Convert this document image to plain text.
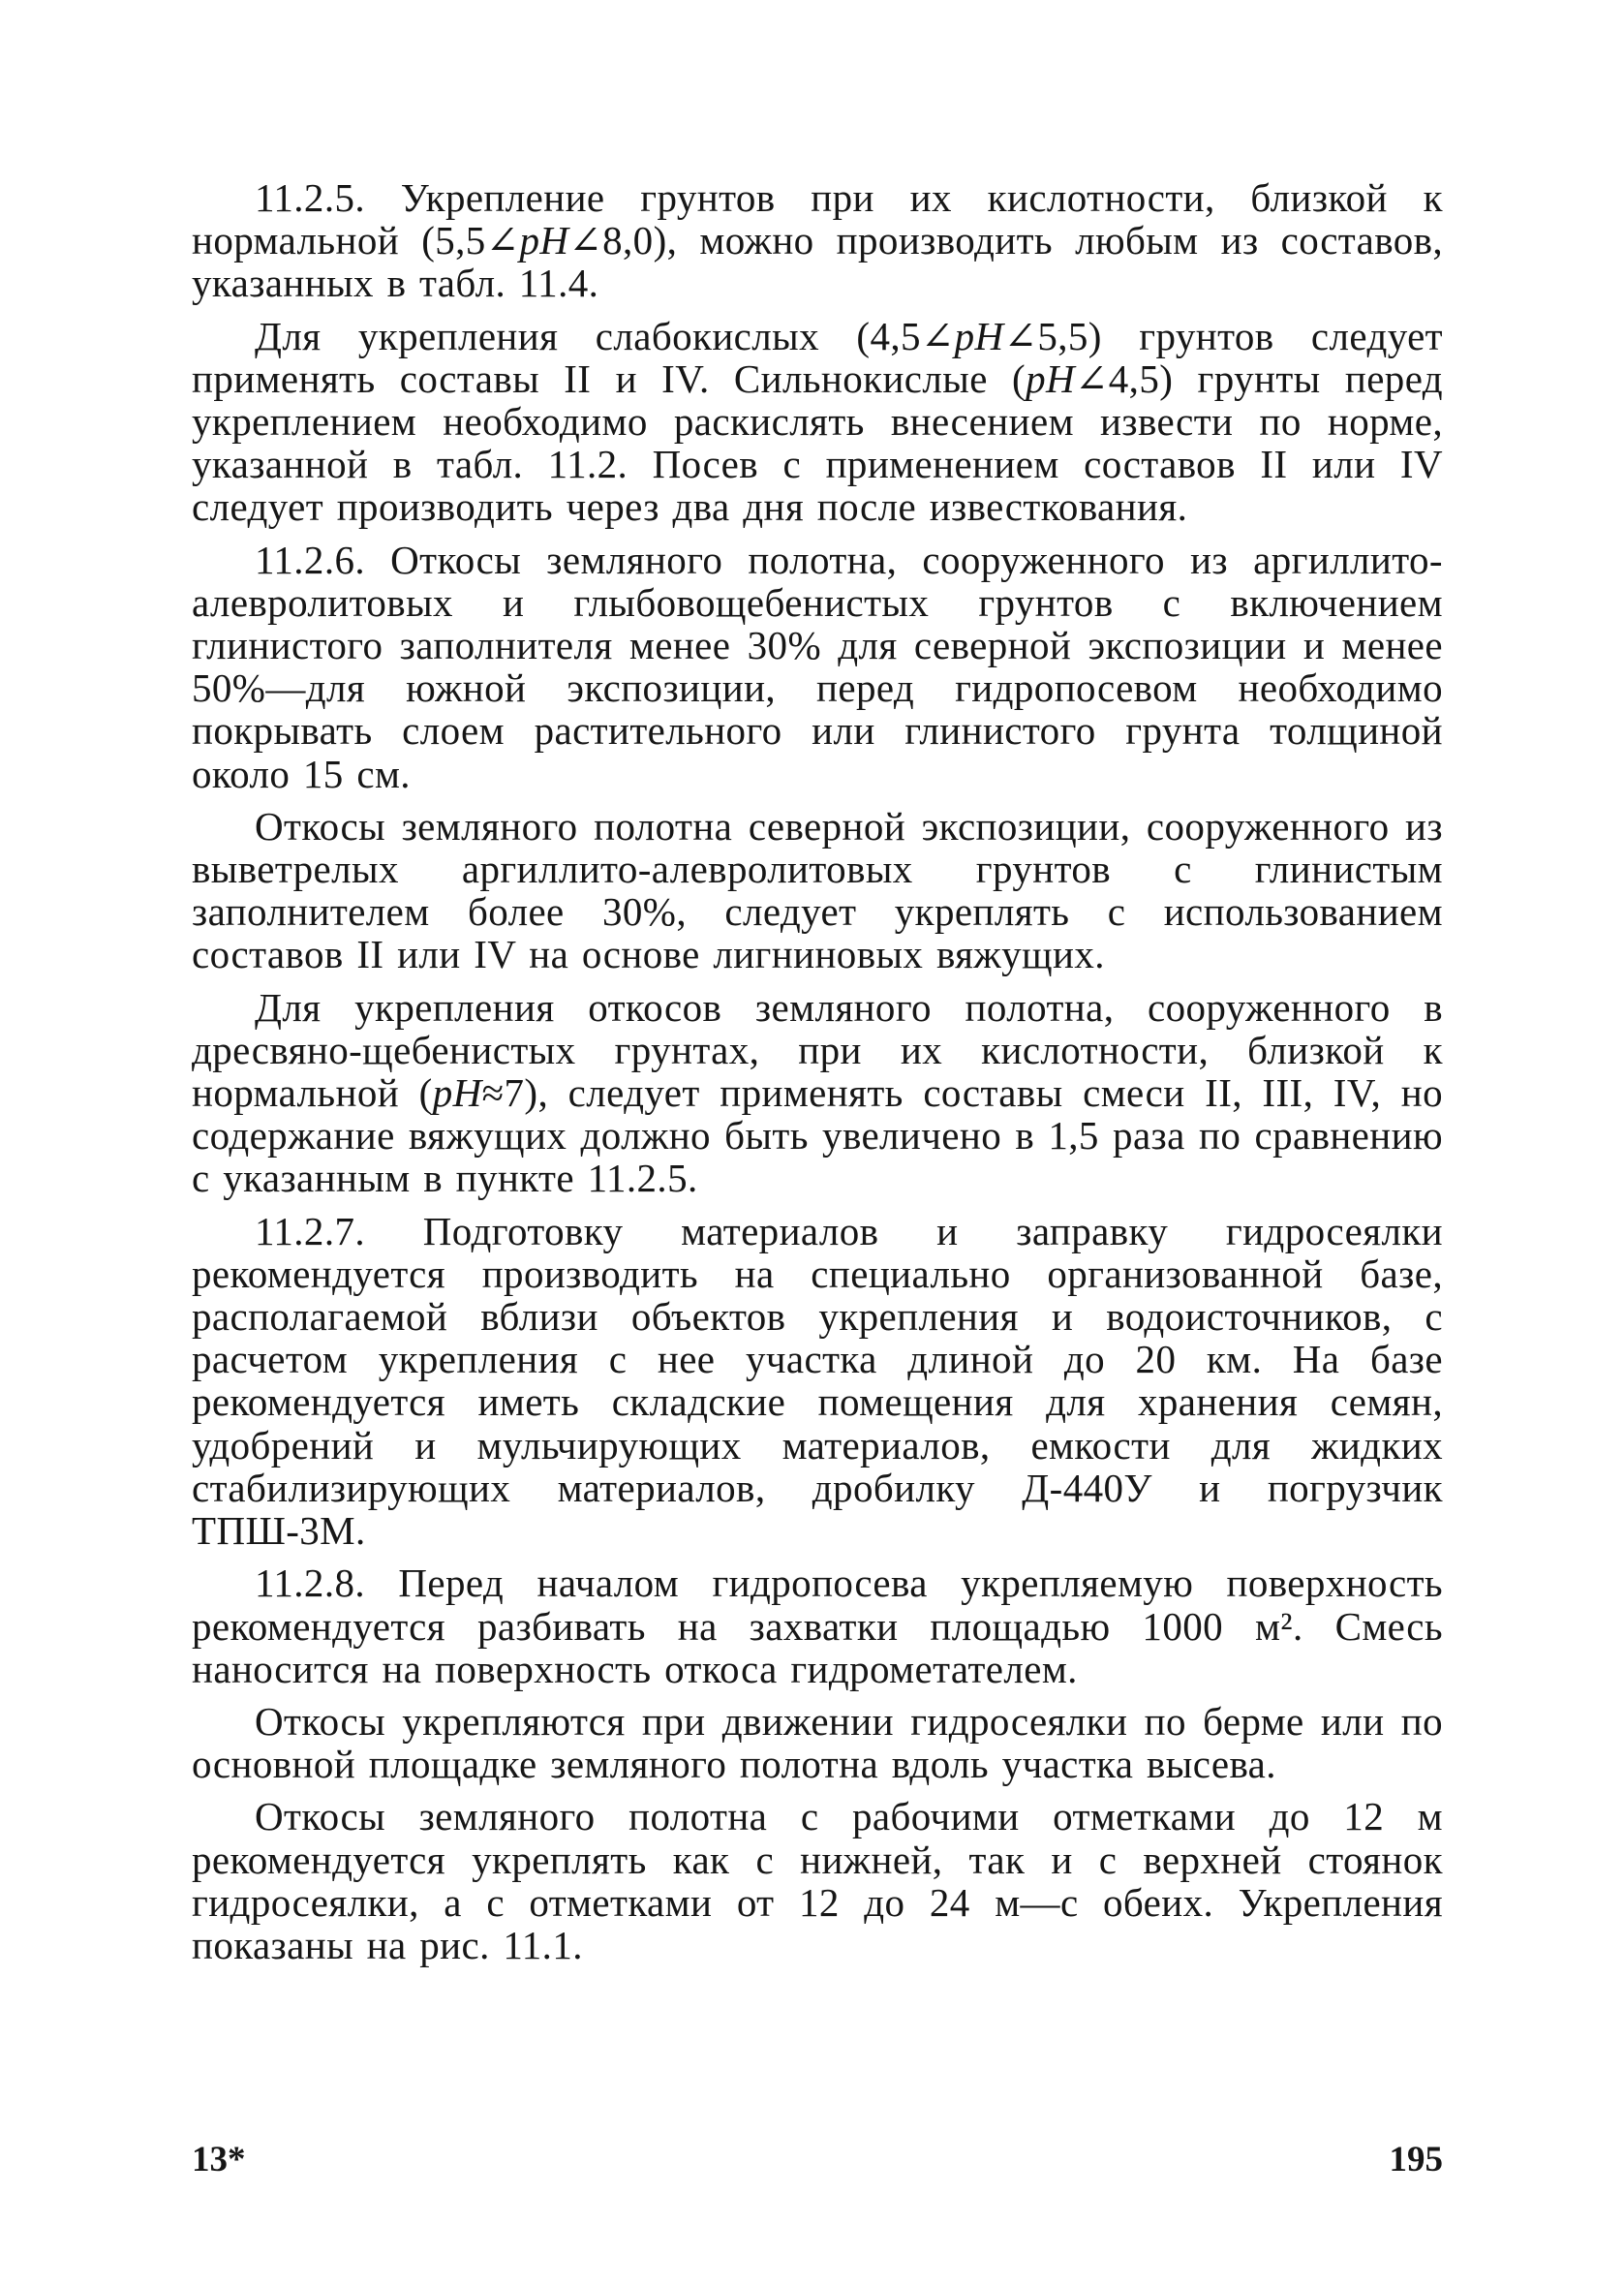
11.2.5. Укрепление грунтов при их кислотности, близкой к нормальной (5,5∠pH∠8,0), можно производить любым из составов, указанных в табл. 11.4.

Для укрепления слабокислых (4,5∠pH∠5,5) грунтов следует применять составы II и IV. Сильнокислые (pH∠4,5) грунты перед укреплением необходимо раскислять внесением извести по норме, указанной в табл. 11.2. Посев с применением составов II или IV следует производить через два дня после известкования.

11.2.6. Откосы земляного полотна, сооруженного из аргиллито-алевролитовых и глыбовощебенистых грунтов с включением глинистого заполнителя менее 30% для северной экспозиции и менее 50%—для южной экспозиции, перед гидропосевом необходимо покрывать слоем растительного или глинистого грунта толщиной около 15 см.

Откосы земляного полотна северной экспозиции, сооруженного из выветрелых аргиллито-алевролитовых грунтов с глинистым заполнителем более 30%, следует укреплять с использованием составов II или IV на основе лигниновых вяжущих.

Для укрепления откосов земляного полотна, сооруженного в дресвяно-щебенистых грунтах, при их кислотности, близкой к нормальной (pH≈7), следует применять составы смеси II, III, IV, но содержание вяжущих должно быть увеличено в 1,5 раза по сравнению с указанным в пункте 11.2.5.

11.2.7. Подготовку материалов и заправку гидросеялки рекомендуется производить на специально организованной базе, располагаемой вблизи объектов укрепления и водоисточников, с расчетом укрепления с нее участка длиной до 20 км. На базе рекомендуется иметь складские помещения для хранения семян, удобрений и мульчирующих материалов, емкости для жидких стабилизирующих материалов, дробилку Д-440У и погрузчик ТПШ-3М.

11.2.8. Перед началом гидропосева укрепляемую поверхность рекомендуется разбивать на захватки площадью 1000 м². Смесь наносится на поверхность откоса гидрометателем.

Откосы укрепляются при движении гидросеялки по берме или по основной площадке земляного полотна вдоль участка высева.

Откосы земляного полотна с рабочими отметками до 12 м рекомендуется укреплять как с нижней, так и с верхней стоянок гидросеялки, а с отметками от 12 до 24 м—с обеих. Укрепления показаны на рис. 11.1.

13*	195
